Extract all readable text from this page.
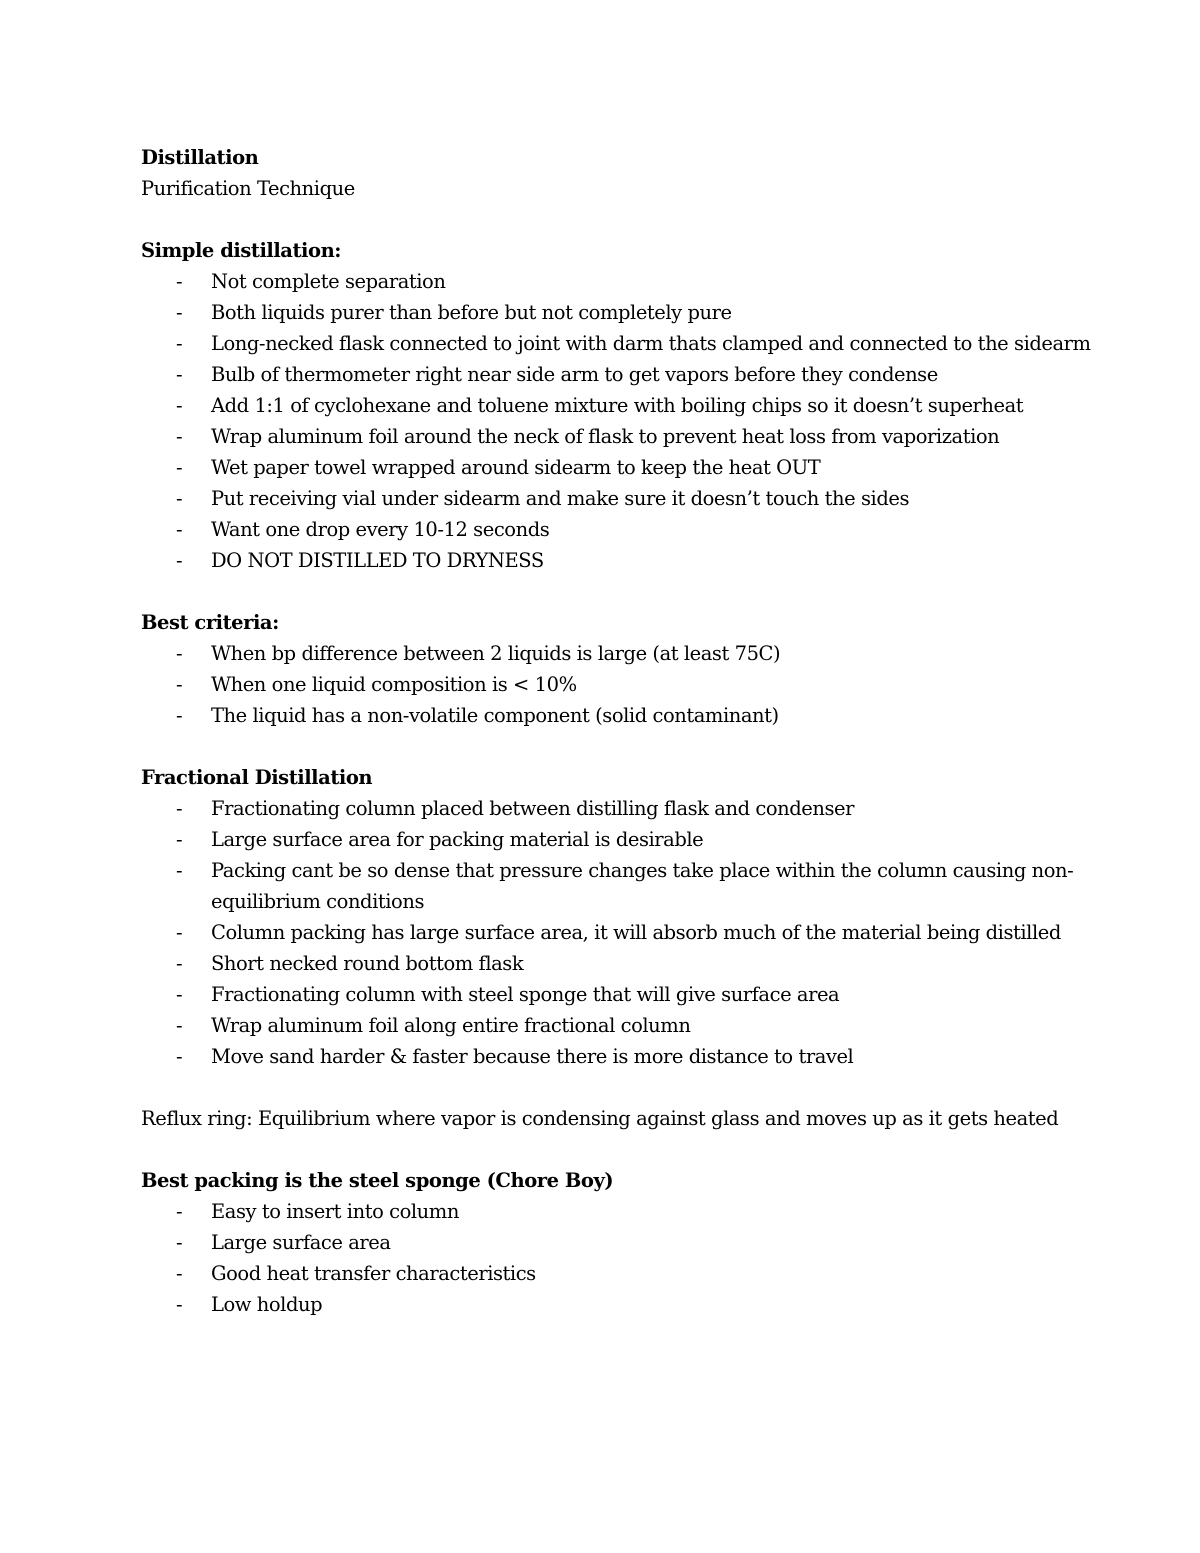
Distillation

Purification Technique

Simple distillation:

- Not complete separation
- Both liquids purer than before but not completely pure
- Long-necked flask connected to joint with darm thats clamped and connected to the sidearm
- Bulb of thermometer right near side arm to get vapors before they condense
- Add 1:1 of cyclohexane and toluene mixture with boiling chips so it doesn’t superheat
- Wrap aluminum foil around the neck of flask to prevent heat loss from vaporization
- Wet paper towel wrapped around sidearm to keep the heat OUT
- Put receiving vial under sidearm and make sure it doesn’t touch the sides
- Want one drop every 10-12 seconds
- DO NOT DISTILLED TO DRYNESS

Best criteria:

- When bp difference between 2 liquids is large (at least 75C)
- When one liquid composition is < 10%
- The liquid has a non-volatile component (solid contaminant)

Fractional Distillation

- Fractionating column placed between distilling flask and condenser
- Large surface area for packing material is desirable
- Packing cant be so dense that pressure changes take place within the column causing non-equilibrium conditions
- Column packing has large surface area, it will absorb much of the material being distilled
- Short necked round bottom flask
- Fractionating column with steel sponge that will give surface area
- Wrap aluminum foil along entire fractional column
- Move sand harder & faster because there is more distance to travel

Reflux ring: Equilibrium where vapor is condensing against glass and moves up as it gets heated

Best packing is the steel sponge (Chore Boy)

- Easy to insert into column
- Large surface area
- Good heat transfer characteristics
- Low holdup
